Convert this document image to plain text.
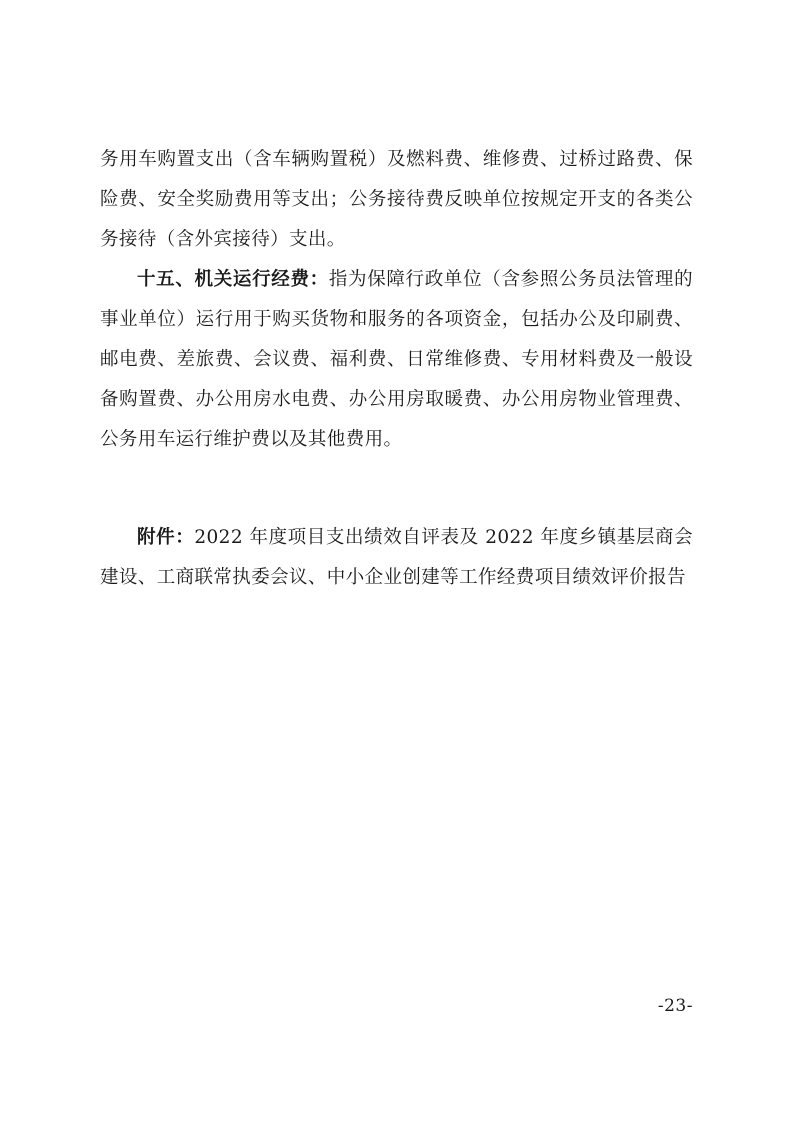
务用车购置支出（含车辆购置税）及燃料费、维修费、过桥过路费、保险费、安全奖励费用等支出；公务接待费反映单位按规定开支的各类公务接待（含外宾接待）支出。

十五、机关运行经费：指为保障行政单位（含参照公务员法管理的事业单位）运行用于购买货物和服务的各项资金，包括办公及印刷费、邮电费、差旅费、会议费、福利费、日常维修费、专用材料费及一般设备购置费、办公用房水电费、办公用房取暖费、办公用房物业管理费、公务用车运行维护费以及其他费用。

附件：2022 年度项目支出绩效自评表及 2022 年度乡镇基层商会建设、工商联常执委会议、中小企业创建等工作经费项目绩效评价报告

-23-
